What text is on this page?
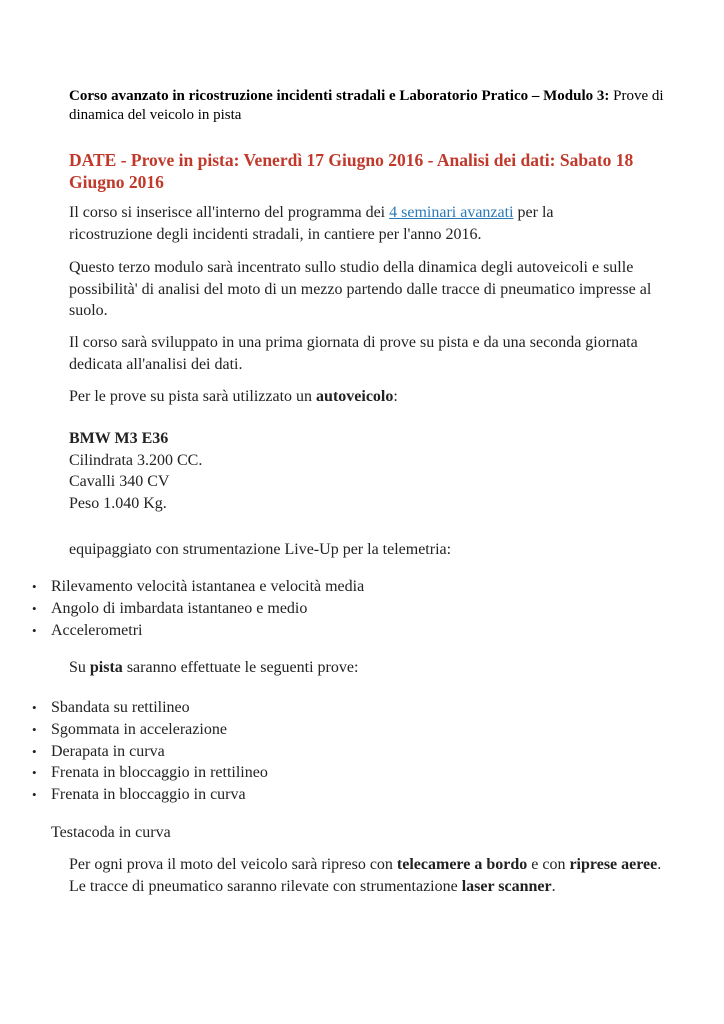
Corso avanzato in ricostruzione incidenti stradali e Laboratorio Pratico – Modulo 3: Prove di dinamica del veicolo in pista
DATE - Prove in pista: Venerdì 17 Giugno 2016 - Analisi dei dati: Sabato 18 Giugno 2016
Il corso si inserisce all'interno del programma dei 4 seminari avanzati per la ricostruzione degli incidenti stradali, in cantiere per l'anno 2016.
Questo terzo modulo sarà incentrato sullo studio della dinamica degli autoveicoli e sulle possibilità' di analisi del moto di un mezzo partendo dalle tracce di pneumatico impresse al suolo.
Il corso sarà sviluppato in una prima giornata di prove su pista e da una seconda giornata dedicata all'analisi dei dati.
Per le prove su pista sarà utilizzato un autoveicolo:
BMW M3 E36
Cilindrata 3.200 CC.
Cavalli 340 CV
Peso 1.040 Kg.
equipaggiato con strumentazione Live-Up per la telemetria:
• Rilevamento velocità istantanea e velocità media
• Angolo di imbardata istantaneo e medio
• Accelerometri
Su pista saranno effettuate le seguenti prove:
• Sbandata su rettilineo
• Sgommata in accelerazione
• Derapata in curva
• Frenata in bloccaggio in rettilineo
• Frenata in bloccaggio in curva
Testacoda in curva
Per ogni prova il moto del veicolo sarà ripreso con telecamere a bordo e con riprese aeree. Le tracce di pneumatico saranno rilevate con strumentazione laser scanner.
